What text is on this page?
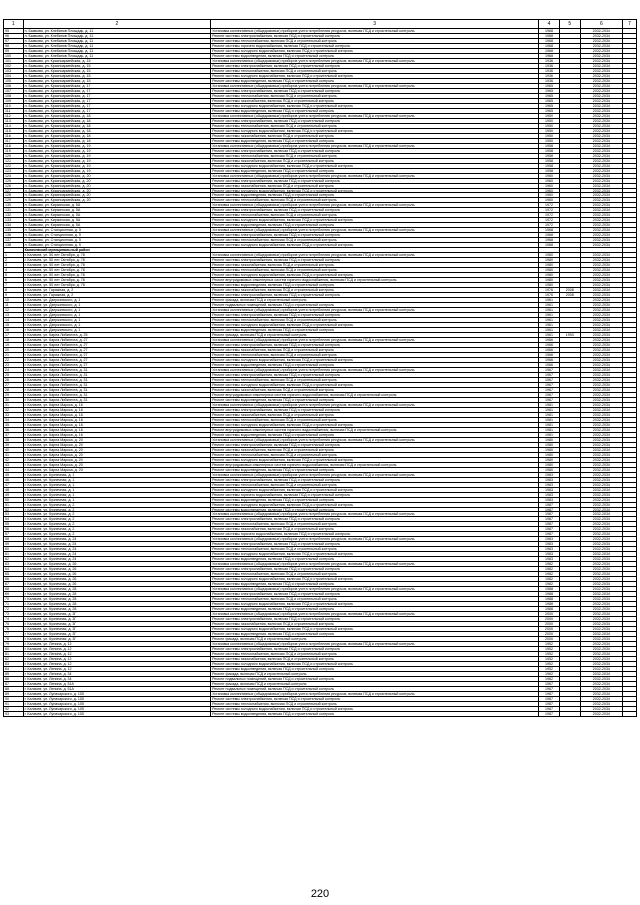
1	2	3	4	5	6	7
95	п. Бывково, ул. Клебанов Площадь, д. 11	Установка коллективных (общедомовых) приборов учета потребления ресурсов, включая ПСД и строительный контроль	1968		2032-2034	
96	п. Бывково, ул. Клебанов Площадь, д. 11	Ремонт системы электроснабжения, включая ПСД и строительный контроль	1968		2032-2034	
97	п. Бывково, ул. Клебанов Площадь, д. 11	Ремонт системы теплоснабжения, включая ПСД и строительный контроль	1968		2032-2034	
98	п. Бывково, ул. Клебанов Площадь, д. 11	Ремонт системы горячего водоснабжения, включая ПСД и строительный контроль	1968		2032-2034	
99	п. Бывково, ул. Клебанов Площадь, д. 11	Ремонт системы холодного водоснабжения, включая ПСД и строительный контроль	1968		2032-2034	
100	п. Бывково, ул. Клебанов Площадь, д. 11	Ремонт системы водоотведения, включая ПСД и строительный контроль	1968		2032-2034	
101	п. Бывково, ул. Красноармейская, д. 15	Установка коллективных (общедомовых) приборов учета потребления ресурсов, включая ПСД и строительный контроль	1936		2032-2034	
102	п. Бывково, ул. Красноармейская, д. 15	Ремонт системы электроснабжения, включая ПСД и строительный контроль	1936		2032-2034	
103	п. Бывково, ул. Красноармейская, д. 15	Ремонт системы теплоснабжения, включая ПСД и строительный контроль	1936		2032-2034	
104	п. Бывково, ул. Красноармейская, д. 15	Ремонт системы холодного водоснабжения, включая ПСД и строительный контроль	1936		2032-2034	
105	п. Бывково, ул. Красноармейская, д. 15	Ремонт системы водоотведения, включая ПСД и строительный контроль	1936		2032-2034	
106	п. Бывково, ул. Красноармейская, д. 17	Установка коллективных (общедомовых) приборов учета потребления ресурсов, включая ПСД и строительный контроль	1965		2032-2034	
107	п. Бывково, ул. Красноармейская, д. 17	Ремонт системы электроснабжения, включая ПСД и строительный контроль	1965		2032-2034	
108	п. Бывково, ул. Красноармейская, д. 17	Ремонт системы теплоснабжения, включая ПСД и строительный контроль	1965		2032-2034	
109	п. Бывково, ул. Красноармейская, д. 17	Ремонт системы газоснабжения, включая ПСД и строительный контроль	1965		2032-2034	
110	п. Бывково, ул. Красноармейская, д. 17	Ремонт системы холодного водоснабжения, включая ПСД и строительный контроль	1965		2032-2034	
111	п. Бывково, ул. Красноармейская, д. 17	Ремонт системы водоотведения, включая ПСД и строительный контроль	1965		2032-2034	
112	п. Бывково, ул. Красноармейская, д. 18	Установка коллективных (общедомовых) приборов учета потребления ресурсов, включая ПСД и строительный контроль	1950		2032-2034	
113	п. Бывково, ул. Красноармейская, д. 18	Ремонт системы электроснабжения, включая ПСД и строительный контроль	1950		2032-2034	
114	п. Бывково, ул. Красноармейская, д. 18	Ремонт системы теплоснабжения, включая ПСД и строительный контроль	1950		2032-2034	
115	п. Бывково, ул. Красноармейская, д. 18	Ремонт системы холодного водоснабжения, включая ПСД и строительный контроль	1950		2032-2034	
116	п. Бывково, ул. Красноармейская, д. 18	Ремонт системы газоснабжения, включая ПСД и строительный контроль	1950		2032-2034	
117	п. Бывково, ул. Красноармейская, д. 18	Ремонт системы водоотведения, включая ПСД и строительный контроль	1950		2032-2034	
118	п. Бывково, ул. Красноармейская, д. 19	Установка коллективных (общедомовых) приборов учета потребления ресурсов, включая ПСД и строительный контроль	1958		2032-2034	
119	п. Бывково, ул. Красноармейская, д. 19	Ремонт системы электроснабжения, включая ПСД и строительный контроль	1958		2032-2034	
120	п. Бывково, ул. Красноармейская, д. 19	Ремонт системы теплоснабжения, включая ПСД и строительный контроль	1958		2032-2034	
121	п. Бывково, ул. Красноармейская, д. 19	Ремонт системы газоснабжения, включая ПСД и строительный контроль	1958		2032-2034	
122	п. Бывково, ул. Красноармейская, д. 19	Ремонт системы холодного водоснабжения, включая ПСД и строительный контроль	1958		2032-2034	
123	п. Бывково, ул. Красноармейская, д. 19	Ремонт системы водоотведения, включая ПСД и строительный контроль	1958		2032-2034	
124	п. Бывково, ул. Красноармейская, д. 20	Установка коллективных (общедомовых) приборов учета потребления ресурсов, включая ПСД и строительный контроль	1960		2032-2034	
125	п. Бывково, ул. Красноармейская, д. 20	Ремонт системы электроснабжения, включая ПСД и строительный контроль	1960		2032-2034	
126	п. Бывково, ул. Красноармейская, д. 20	Ремонт системы газоснабжения, включая ПСД и строительный контроль	1960		2032-2034	
127	п. Бывково, ул. Красноармейская, д. 20	Ремонт системы холодного водоснабжения, включая ПСД и строительный контроль	1960		2032-2034	
128	п. Бывково, ул. Красноармейская, д. 20	Ремонт системы водоотведения, включая ПСД и строительный контроль	1960		2032-2034	
129	п. Бывково, ул. Красноармейская, д. 20	Ремонт системы теплоснабжения, включая ПСД и строительный контроль	1960		2032-2034	
130	п. Бывково, ул. Кирзинская, д. 5А	Установка коллективных (общедомовых) приборов учета потребления ресурсов, включая ПСД и строительный контроль	1972		2032-2034	
131	п. Бывково, ул. Кирзинская, д. 5А	Ремонт системы электроснабжения, включая ПСД и строительный контроль	1972		2032-2034	
132	п. Бывково, ул. Кирзинская, д. 5А	Ремонт системы теплоснабжения, включая ПСД и строительный контроль	1972		2032-2034	
133	п. Бывково, ул. Кирзинская, д. 5А	Ремонт системы холодного водоснабжения, включая ПСД и строительный контроль	1972		2032-2034	
134	п. Бывково, ул. Кирзинская, д. 5А	Ремонт системы водоотведения, включая ПСД и строительный контроль	1972		2032-2034	
135	п. Бывково, ул. Станционная, д. 5	Установка коллективных (общедомовых) приборов учета потребления ресурсов, включая ПСД и строительный контроль	1968		2032-2034	
136	п. Бывково, ул. Станционная, д. 5	Ремонт системы электроснабжения, включая ПСД и строительный контроль	1968		2032-2034	
137	п. Бывково, ул. Станционная, д. 5	Ремонт системы теплоснабжения, включая ПСД и строительный контроль	1968		2032-2034	
138	п. Бывково, ул. Станционная, д. 5	Ремонт системы холодного водоснабжения, включая ПСД и строительный контроль	1968		2032-2034	
	Калачевский муниципальный район					
1	г. Калачев, ул. 50 лет Октября, д. 78	Установка коллективных (общедомовых) приборов учета потребления ресурсов, включая ПСД и строительный контроль	1980		2032-2034	
2	г. Калачев, ул. 50 лет Октября, д. 78	Ремонт системы электроснабжения, включая ПСД и строительный контроль	1980		2032-2034	
3	г. Калачев, ул. 50 лет Октября, д. 78	Ремонт системы газоснабжения, включая ПСД и строительный контроль	1980		2032-2034	
4	г. Калачев, ул. 50 лет Октября, д. 78	Ремонт системы теплоснабжения, включая ПСД и строительный контроль	1980		2032-2034	
5	г. Калачев, ул. 50 лет Октября, д. 78	Ремонт системы холодного водоснабжения, включая ПСД и строительный контроль	1980		2032-2034	
6	г. Калачев, ул. 50 лет Октября, д. 78	Ремонт внутридомовых инженерных систем горячего водоснабжения, включая ПСД и строительный контроль	1980		2032-2034	
7	г. Калачев, ул. 50 лет Октября, д. 78	Ремонт системы водоотведения, включая ПСД и строительный контроль	1980		2032-2034	
8	г. Калачев, ул. Гаражная, д. 2	Ремонт системы газоснабжения, включая ПСД и строительный контроль	1976	2008	2032-2034	
9	г. Калачев, ул. Гаражная, д. 2	Ремонт системы электроснабжения, включая ПСД и строительный контроль	1976	2008	2032-2034	
10	г. Калачев, ул. Дзержинского, д. 1	Ремонт фасада, включая ПСД и строительный контроль	1961		2032-2034	
11	г. Калачев, ул. Дзержинского, д. 1	Ремонт подвальных помещений, включая ПСД и строительный контроль	1961		2032-2034	
12	г. Калачев, ул. Дзержинского, д. 1	Установка коллективных (общедомовых) приборов учета потребления ресурсов, включая ПСД и строительный контроль	1961		2032-2034	
13	г. Калачев, ул. Дзержинского, д. 1	Ремонт системы электроснабжения, включая ПСД и строительный контроль	1961		2032-2034	
14	г. Калачев, ул. Дзержинского, д. 1	Ремонт системы теплоснабжения, включая ПСД и строительный контроль	1961		2032-2034	
15	г. Калачев, ул. Дзержинского, д. 1	Ремонт системы холодного водоснабжения, включая ПСД и строительный контроль	1961		2032-2034	
16	г. Калачев, ул. Дзержинского, д. 1	Ремонт системы водоотведения, включая ПСД и строительный контроль	1961		2032-2034	
17	г. Калачев, ул. Карла Либкнехта, д. 25	Ремонт фасада, включая ПСД и строительный контроль	1961	1993	2032-2034	
18	г. Калачев, ул. Карла Либкнехта, д. 27	Установка коллективных (общедомовых) приборов учета потребления ресурсов, включая ПСД и строительный контроль	1966		2032-2034	
19	г. Калачев, ул. Карла Либкнехта, д. 27	Ремонт системы электроснабжения, включая ПСД и строительный контроль	1966		2032-2034	
20	г. Калачев, ул. Карла Либкнехта, д. 27	Ремонт системы газоснабжения, включая ПСД и строительный контроль	1966		2032-2034	
21	г. Калачев, ул. Карла Либкнехта, д. 27	Ремонт системы теплоснабжения, включая ПСД и строительный контроль	1966		2032-2034	
22	г. Калачев, ул. Карла Либкнехта, д. 27	Ремонт системы холодного водоснабжения, включая ПСД и строительный контроль	1966		2032-2034	
23	г. Калачев, ул. Карла Либкнехта, д. 27	Ремонт системы водоотведения, включая ПСД и строительный контроль	1966		2032-2034	
24	г. Калачев, ул. Карла Либкнехта, д. 31	Установка коллективных (общедомовых) приборов учета потребления ресурсов, включая ПСД и строительный контроль	1967		2032-2034	
25	г. Калачев, ул. Карла Либкнехта, д. 31	Ремонт системы электроснабжения, включая ПСД и строительный контроль	1967		2032-2034	
26	г. Калачев, ул. Карла Либкнехта, д. 31	Ремонт системы теплоснабжения, включая ПСД и строительный контроль	1967		2032-2034	
27	г. Калачев, ул. Карла Либкнехта, д. 31	Ремонт системы холодного водоснабжения, включая ПСД и строительный контроль	1967		2032-2034	
28	г. Калачев, ул. Карла Либкнехта, д. 31	Ремонт системы газоснабжения, включая ПСД и строительный контроль	1967		2032-2034	
29	г. Калачев, ул. Карла Либкнехта, д. 31	Ремонт внутридомовых инженерных систем горячего водоснабжения, включая ПСД и строительный контроль	1967		2032-2034	
30	г. Калачев, ул. Карла Либкнехта, д. 31	Ремонт системы водоотведения, включая ПСД и строительный контроль	1967		2032-2034	
31	г. Калачев, ул. Карла Маркса, д. 16	Установка коллективных (общедомовых) приборов учета потребления ресурсов, включая ПСД и строительный контроль	1981		2032-2034	
32	г. Калачев, ул. Карла Маркса, д. 16	Ремонт системы электроснабжения, включая ПСД и строительный контроль	1981		2032-2034	
33	г. Калачев, ул. Карла Маркса, д. 16	Ремонт системы газоснабжения, включая ПСД и строительный контроль	1981		2032-2034	
34	г. Калачев, ул. Карла Маркса, д. 16	Ремонт системы теплоснабжения, включая ПСД и строительный контроль	1981		2032-2034	
35	г. Калачев, ул. Карла Маркса, д. 16	Ремонт системы холодного водоснабжения, включая ПСД и строительный контроль	1981		2032-2034	
36	г. Калачев, ул. Карла Маркса, д. 16	Ремонт внутридомовых инженерных систем горячего водоснабжения, включая ПСД и строительный контроль	1981		2032-2034	
37	г. Калачев, ул. Карла Маркса, д. 16	Ремонт системы водоотведения, включая ПСД и строительный контроль	1981		2032-2034	
38	г. Калачев, ул. Карла Маркса, д. 20	Установка коллективных (общедомовых) приборов учета потребления ресурсов, включая ПСД и строительный контроль	1980		2032-2034	
39	г. Калачев, ул. Карла Маркса, д. 20	Ремонт системы электроснабжения, включая ПСД и строительный контроль	1980		2032-2034	
40	г. Калачев, ул. Карла Маркса, д. 20	Ремонт системы газоснабжения, включая ПСД и строительный контроль	1980		2032-2034	
41	г. Калачев, ул. Карла Маркса, д. 20	Ремонт системы теплоснабжения, включая ПСД и строительный контроль	1980		2032-2034	
42	г. Калачев, ул. Карла Маркса, д. 20	Ремонт системы холодного водоснабжения, включая ПСД и строительный контроль	1980		2032-2034	
43	г. Калачев, ул. Карла Маркса, д. 20	Ремонт внутридомовых инженерных систем горячего водоснабжения, включая ПСД и строительный контроль	1980		2032-2034	
44	г. Калачев, ул. Карла Маркса, д. 20	Ремонт системы водоотведения, включая ПСД и строительный контроль	1980		2032-2034	
45	г. Калачев, ул. Кузнечная, д. 1	Установка коллективных (общедомовых) приборов учета потребления ресурсов, включая ПСД и строительный контроль	1983		2032-2034	
46	г. Калачев, ул. Кузнечная, д. 1	Ремонт системы электроснабжения, включая ПСД и строительный контроль	1983		2032-2034	
47	г. Калачев, ул. Кузнечная, д. 1	Ремонт системы теплоснабжения, включая ПСД и строительный контроль	1983		2032-2034	
48	г. Калачев, ул. Кузнечная, д. 1	Ремонт системы холодного водоснабжения, включая ПСД и строительный контроль	1983		2032-2034	
49	г. Калачев, ул. Кузнечная, д. 1	Ремонт системы горячего водоснабжения, включая ПСД и строительный контроль	1983		2032-2034	
50	г. Калачев, ул. Кузнечная, д. 1	Ремонт системы водоотведения, включая ПСД и строительный контроль	1983		2032-2034	
51	г. Калачев, ул. Кузнечная, д. 2	Ремонт системы холодного водоснабжения, включая ПСД и строительный контроль	1987		2032-2034	
52	г. Калачев, ул. Кузнечная, д. 2	Ремонт системы водоотведения, включая ПСД и строительный контроль	1987		2032-2034	
53	г. Калачев, ул. Кузнечная, д. 2	Установка коллективных (общедомовых) приборов учета потребления ресурсов, включая ПСД и строительный контроль	1987		2032-2034	
54	г. Калачев, ул. Кузнечная, д. 2	Ремонт системы электроснабжения, включая ПСД и строительный контроль	1987		2032-2034	
55	г. Калачев, ул. Кузнечная, д. 2	Ремонт системы теплоснабжения, включая ПСД и строительный контроль	1987		2032-2034	
56	г. Калачев, ул. Кузнечная, д. 2	Ремонт системы газоснабжения, включая ПСД и строительный контроль	1987		2032-2034	
57	г. Калачев, ул. Кузнечная, д. 2	Ремонт системы горячего водоснабжения, включая ПСД и строительный контроль	1987		2032-2034	
58	г. Калачев, ул. Кузнечная, д. 24	Установка коллективных (общедомовых) приборов учета потребления ресурсов, включая ПСД и строительный контроль	1983		2032-2034	
59	г. Калачев, ул. Кузнечная, д. 24	Ремонт системы электроснабжения, включая ПСД и строительный контроль	1983		2032-2034	
60	г. Калачев, ул. Кузнечная, д. 24	Ремонт системы теплоснабжения, включая ПСД и строительный контроль	1983		2032-2034	
61	г. Калачев, ул. Кузнечная, д. 24	Ремонт системы холодного водоснабжения, включая ПСД и строительный контроль	1983		2032-2034	
62	г. Калачев, ул. Кузнечная, д. 24	Ремонт системы водоотведения, включая ПСД и строительный контроль	1983		2032-2034	
63	г. Калачев, ул. Кузнечная, д. 26	Установка коллективных (общедомовых) приборов учета потребления ресурсов, включая ПСД и строительный контроль	1982		2032-2034	
64	г. Калачев, ул. Кузнечная, д. 26	Ремонт системы электроснабжения, включая ПСД и строительный контроль	1982		2032-2034	
65	г. Калачев, ул. Кузнечная, д. 26	Ремонт системы теплоснабжения, включая ПСД и строительный контроль	1982		2032-2034	
66	г. Калачев, ул. Кузнечная, д. 26	Ремонт системы холодного водоснабжения, включая ПСД и строительный контроль	1982		2032-2034	
67	г. Калачев, ул. Кузнечная, д. 26	Ремонт системы водоотведения, включая ПСД и строительный контроль	1982		2032-2034	
68	г. Калачев, ул. Кузнечная, д. 28	Установка коллективных (общедомовых) приборов учета потребления ресурсов, включая ПСД и строительный контроль	1988		2032-2034	
69	г. Калачев, ул. Кузнечная, д. 28	Ремонт системы электроснабжения, включая ПСД и строительный контроль	1988		2032-2034	
70	г. Калачев, ул. Кузнечная, д. 28	Ремонт системы теплоснабжения, включая ПСД и строительный контроль	1988		2032-2034	
71	г. Калачев, ул. Кузнечная, д. 28	Ремонт системы холодного водоснабжения, включая ПСД и строительный контроль	1988		2032-2034	
72	г. Калачев, ул. Кузнечная, д. 28	Ремонт системы водоотведения, включая ПСД и строительный контроль	1988		2032-2034	
73	г. Калачев, ул. Кузнечная, д. 3Г	Установка коллективных (общедомовых) приборов учета потребления ресурсов, включая ПСД и строительный контроль	2000		2032-2034	
74	г. Калачев, ул. Кузнечная, д. 3Г	Ремонт системы электроснабжения, включая ПСД и строительный контроль	2000		2032-2034	
75	г. Калачев, ул. Кузнечная, д. 3Г	Ремонт системы газоснабжения, включая ПСД и строительный контроль	2000		2032-2034	
76	г. Калачев, ул. Кузнечная, д. 3Г	Ремонт системы холодного водоснабжения, включая ПСД и строительный контроль	2000		2032-2034	
77	г. Калачев, ул. Кузнечная, д. 3Г	Ремонт системы водоотведения, включая ПСД и строительный контроль	2000		2032-2034	
78	г. Калачев, ул. Кузнечная, д. 3Г	Ремонт фасада, включая ПСД и строительный контроль	2000		2032-2034	
79	г. Калачев, ул. Ленина, д. 12	Установка коллективных (общедомовых) приборов учета потребления ресурсов, включая ПСД и строительный контроль	1952		2032-2034	
80	г. Калачев, ул. Ленина, д. 12	Ремонт системы электроснабжения, включая ПСД и строительный контроль	1952		2032-2034	
81	г. Калачев, ул. Ленина, д. 12	Ремонт системы теплоснабжения, включая ПСД и строительный контроль	1952		2032-2034	
82	г. Калачев, ул. Ленина, д. 12	Ремонт системы газоснабжения, включая ПСД и строительный контроль	1952		2032-2034	
83	г. Калачев, ул. Ленина, д. 12	Ремонт системы холодного водоснабжения, включая ПСД и строительный контроль	1952		2032-2034	
84	г. Калачев, ул. Ленина, д. 12	Ремонт системы водоотведения, включая ПСД и строительный контроль	1952		2032-2034	
85	г. Калачев, ул. Ленина, д. 34	Ремонт фасада, включая ПСД и строительный контроль	1962		2032-2034	
86	г. Калачев, ул. Ленина, д. 34	Ремонт подвальных помещений, включая ПСД и строительный контроль	1962		2032-2034	
87	г. Калачев, ул. Ленина, д. 51А	Ремонт фасада, включая ПСД и строительный контроль	1967		2032-2034	
88	г. Калачев, ул. Ленина, д. 51А	Ремонт подвальных помещений, включая ПСД и строительный контроль	1967		2032-2034	
89	г. Калачев, ул. Луначарского, д. 105	Установка коллективных (общедомовых) приборов учета потребления ресурсов, включая ПСД и строительный контроль	1987		2032-2034	
90	г. Калачев, ул. Луначарского, д. 105	Ремонт системы электроснабжения, включая ПСД и строительный контроль	1987		2032-2034	
91	г. Калачев, ул. Луначарского, д. 105	Ремонт системы теплоснабжения, включая ПСД и строительный контроль	1987		2032-2034	
92	г. Калачев, ул. Луначарского, д. 105	Ремонт системы холодного водоснабжения, включая ПСД и строительный контроль	1987		2032-2034	
93	г. Калачев, ул. Луначарского, д. 105	Ремонт системы водоотведения, включая ПСД и строительный контроль	1987		2032-2034	
220
